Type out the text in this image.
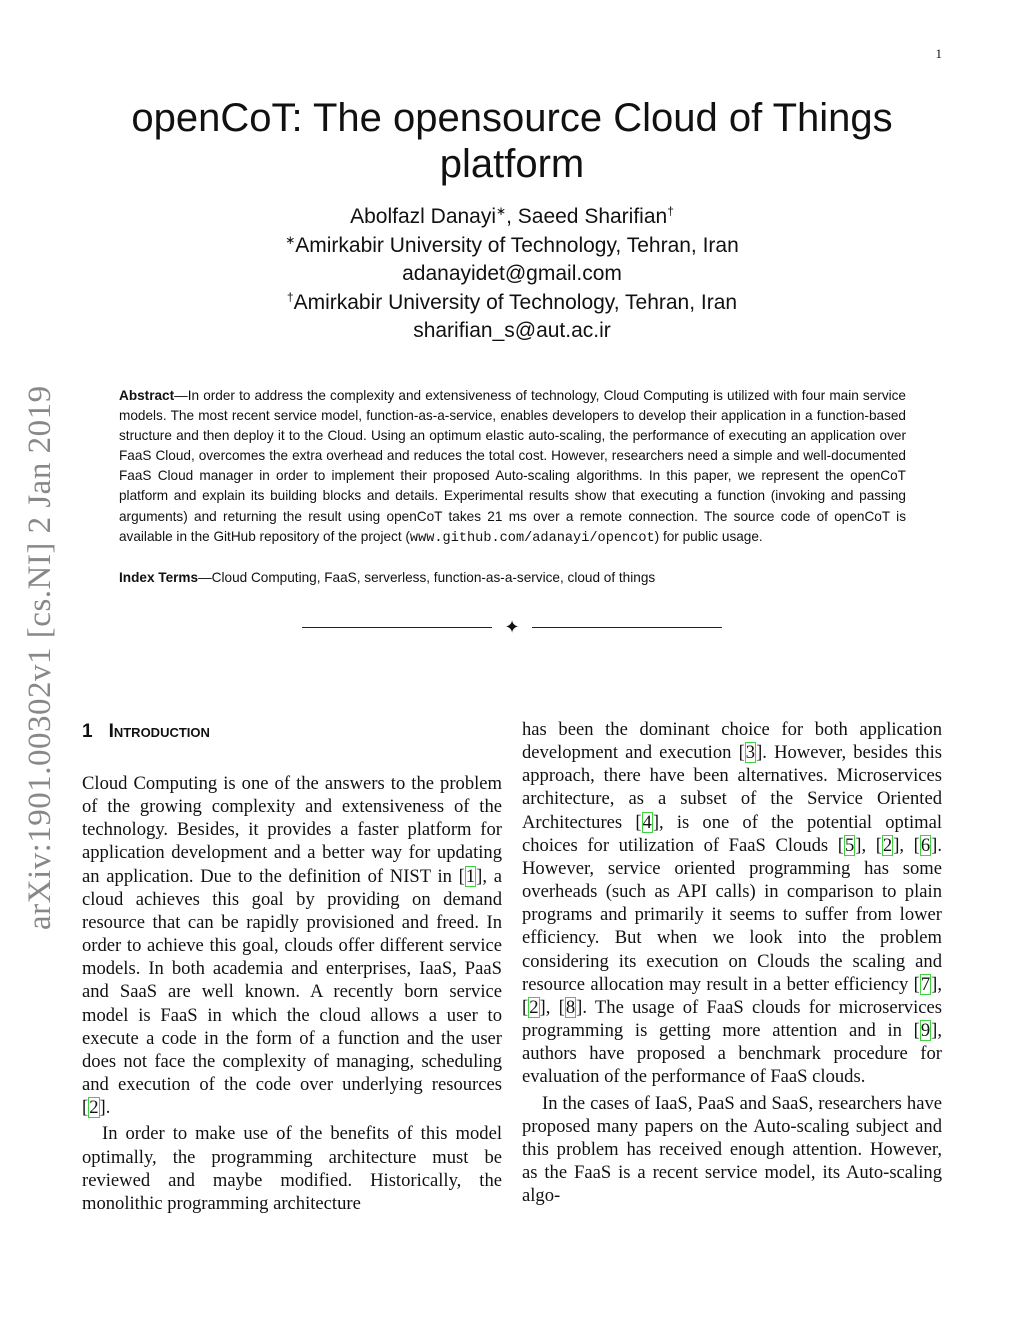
1
arXiv:1901.00302v1 [cs.NI] 2 Jan 2019
openCoT: The opensource Cloud of Things platform
Abolfazl Danayi∗, Saeed Sharifian†
∗Amirkabir University of Technology, Tehran, Iran
adanayidet@gmail.com
†Amirkabir University of Technology, Tehran, Iran
sharifian_s@aut.ac.ir

Abstract—In order to address the complexity and extensiveness of technology, Cloud Computing is utilized with four main service models. The most recent service model, function-as-a-service, enables developers to develop their application in a function-based structure and then deploy it to the Cloud. Using an optimum elastic auto-scaling, the performance of executing an application over FaaS Cloud, overcomes the extra overhead and reduces the total cost. However, researchers need a simple and well-documented FaaS Cloud manager in order to implement their proposed Auto-scaling algorithms. In this paper, we represent the openCoT platform and explain its building blocks and details. Experimental results show that executing a function (invoking and passing arguments) and returning the result using openCoT takes 21 ms over a remote connection. The source code of openCoT is available in the GitHub repository of the project (www.github.com/adanayi/opencot) for public usage.

Index Terms—Cloud Computing, FaaS, serverless, function-as-a-service, cloud of things

✦
1 Introduction

Cloud Computing is one of the answers to the problem of the growing complexity and extensiveness of the technology. Besides, it provides a faster platform for application development and a better way for updating an application. Due to the definition of NIST in [1], a cloud achieves this goal by providing on demand resource that can be rapidly provisioned and freed. In order to achieve this goal, clouds offer different service models. In both academia and enterprises, IaaS, PaaS and SaaS are well known. A recently born service model is FaaS in which the cloud allows a user to execute a code in the form of a function and the user does not face the complexity of managing, scheduling and execution of the code over underlying resources [2].

In order to make use of the benefits of this model optimally, the programming architecture must be reviewed and maybe modified. Historically, the monolithic programming architecture

has been the dominant choice for both application development and execution [3]. However, besides this approach, there have been alternatives. Microservices architecture, as a subset of the Service Oriented Architectures [4], is one of the potential optimal choices for utilization of FaaS Clouds [5], [2], [6]. However, service oriented programming has some overheads (such as API calls) in comparison to plain programs and primarily it seems to suffer from lower efficiency. But when we look into the problem considering its execution on Clouds the scaling and resource allocation may result in a better efficiency [7], [2], [8]. The usage of FaaS clouds for microservices programming is getting more attention and in [9], authors have proposed a benchmark procedure for evaluation of the performance of FaaS clouds.

In the cases of IaaS, PaaS and SaaS, researchers have proposed many papers on the Auto-scaling subject and this problem has received enough attention. However, as the FaaS is a recent service model, its Auto-scaling algo-
